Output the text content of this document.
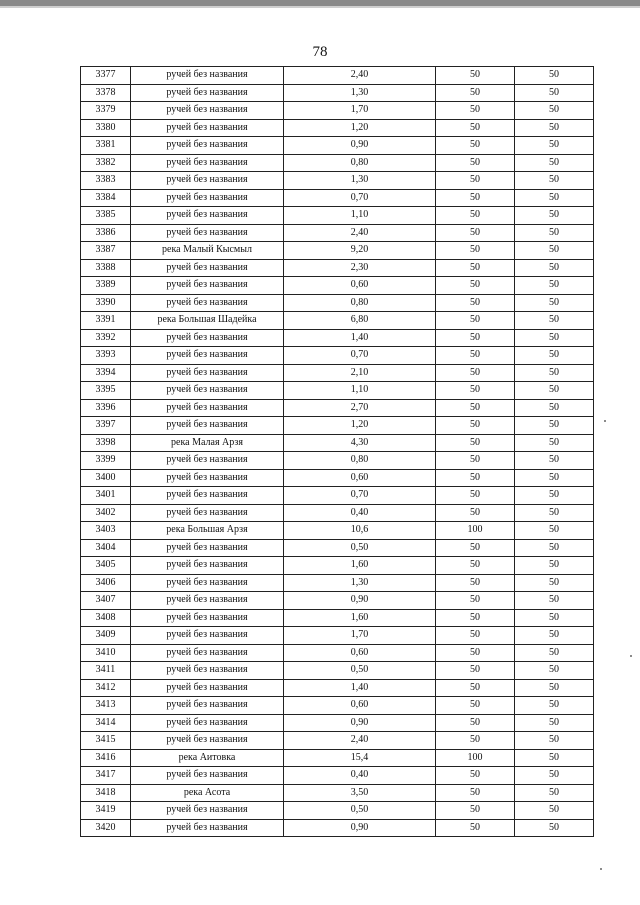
78
3377	ручей без названия	2,40	50	50
3378	ручей без названия	1,30	50	50
3379	ручей без названия	1,70	50	50
3380	ручей без названия	1,20	50	50
3381	ручей без названия	0,90	50	50
3382	ручей без названия	0,80	50	50
3383	ручей без названия	1,30	50	50
3384	ручей без названия	0,70	50	50
3385	ручей без названия	1,10	50	50
3386	ручей без названия	2,40	50	50
3387	река Малый Кысмыл	9,20	50	50
3388	ручей без названия	2,30	50	50
3389	ручей без названия	0,60	50	50
3390	ручей без названия	0,80	50	50
3391	река Большая Шадейка	6,80	50	50
3392	ручей без названия	1,40	50	50
3393	ручей без названия	0,70	50	50
3394	ручей без названия	2,10	50	50
3395	ручей без названия	1,10	50	50
3396	ручей без названия	2,70	50	50
3397	ручей без названия	1,20	50	50
3398	река Малая Арзя	4,30	50	50
3399	ручей без названия	0,80	50	50
3400	ручей без названия	0,60	50	50
3401	ручей без названия	0,70	50	50
3402	ручей без названия	0,40	50	50
3403	река Большая Арзя	10,6	100	50
3404	ручей без названия	0,50	50	50
3405	ручей без названия	1,60	50	50
3406	ручей без названия	1,30	50	50
3407	ручей без названия	0,90	50	50
3408	ручей без названия	1,60	50	50
3409	ручей без названия	1,70	50	50
3410	ручей без названия	0,60	50	50
3411	ручей без названия	0,50	50	50
3412	ручей без названия	1,40	50	50
3413	ручей без названия	0,60	50	50
3414	ручей без названия	0,90	50	50
3415	ручей без названия	2,40	50	50
3416	река Аитовка	15,4	100	50
3417	ручей без названия	0,40	50	50
3418	река Асота	3,50	50	50
3419	ручей без названия	0,50	50	50
3420	ручей без названия	0,90	50	50
